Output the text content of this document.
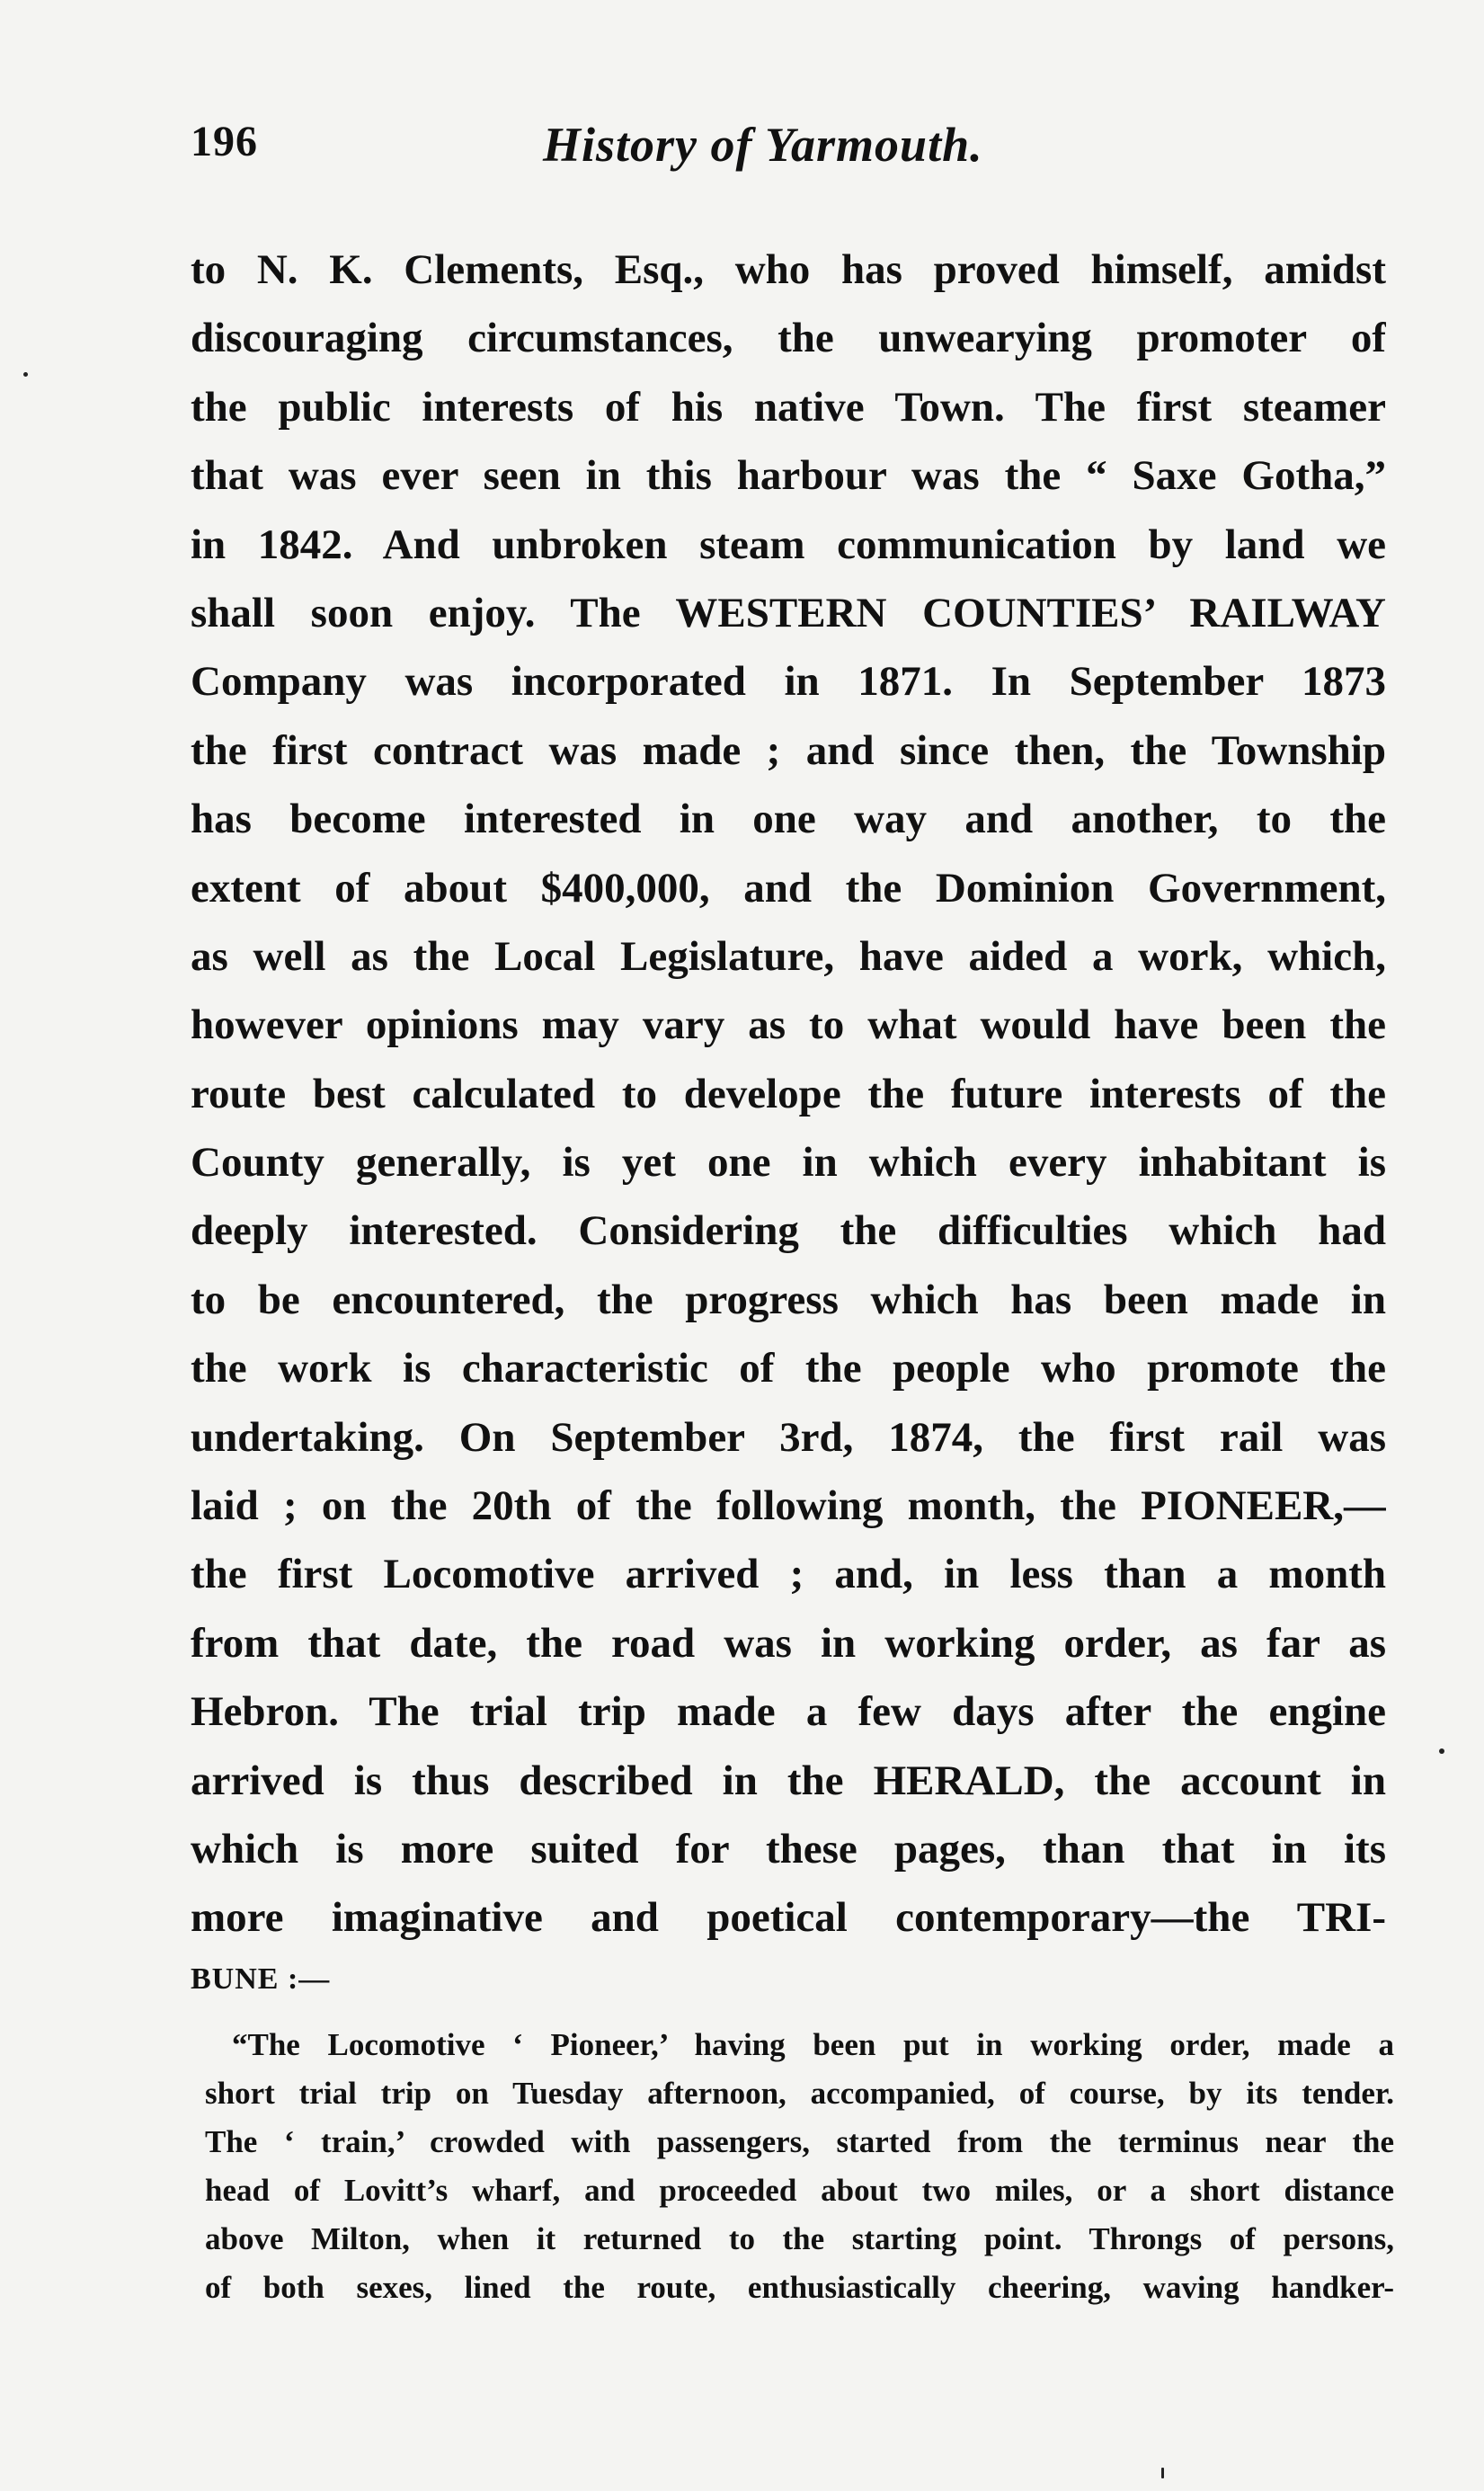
196	History of Yarmouth.
to N. K. Clements, Esq., who has proved himself, amidst
discouraging circumstances, the unwearying promoter of
the public interests of his native Town. The first steamer
that was ever seen in this harbour was the “ Saxe Gotha,”
in 1842. And unbroken steam communication by land we
shall soon enjoy. The WESTERN COUNTIES’ RAILWAY
Company was incorporated in 1871. In September 1873
the first contract was made ; and since then, the Township
has become interested in one way and another, to the
extent of about $400,000, and the Dominion Government,
as well as the Local Legislature, have aided a work, which,
however opinions may vary as to what would have been the
route best calculated to develope the future interests of the
County generally, is yet one in which every inhabitant is
deeply interested. Considering the difficulties which had
to be encountered, the progress which has been made in
the work is characteristic of the people who promote the
undertaking. On September 3rd, 1874, the first rail was
laid ; on the 20th of the following month, the PIONEER,—
the first Locomotive arrived ; and, in less than a month
from that date, the road was in working order, as far as
Hebron. The trial trip made a few days after the engine
arrived is thus described in the HERALD, the account in
which is more suited for these pages, than that in its
more imaginative and poetical contemporary—the TRI-
BUNE :—
“The Locomotive ‘ Pioneer,’ having been put in working order, made a
short trial trip on Tuesday afternoon, accompanied, of course, by its tender.
The ‘ train,’ crowded with passengers, started from the terminus near the
head of Lovitt’s wharf, and proceeded about two miles, or a short distance
above Milton, when it returned to the starting point. Throngs of persons,
of both sexes, lined the route, enthusiastically cheering, waving handker-
